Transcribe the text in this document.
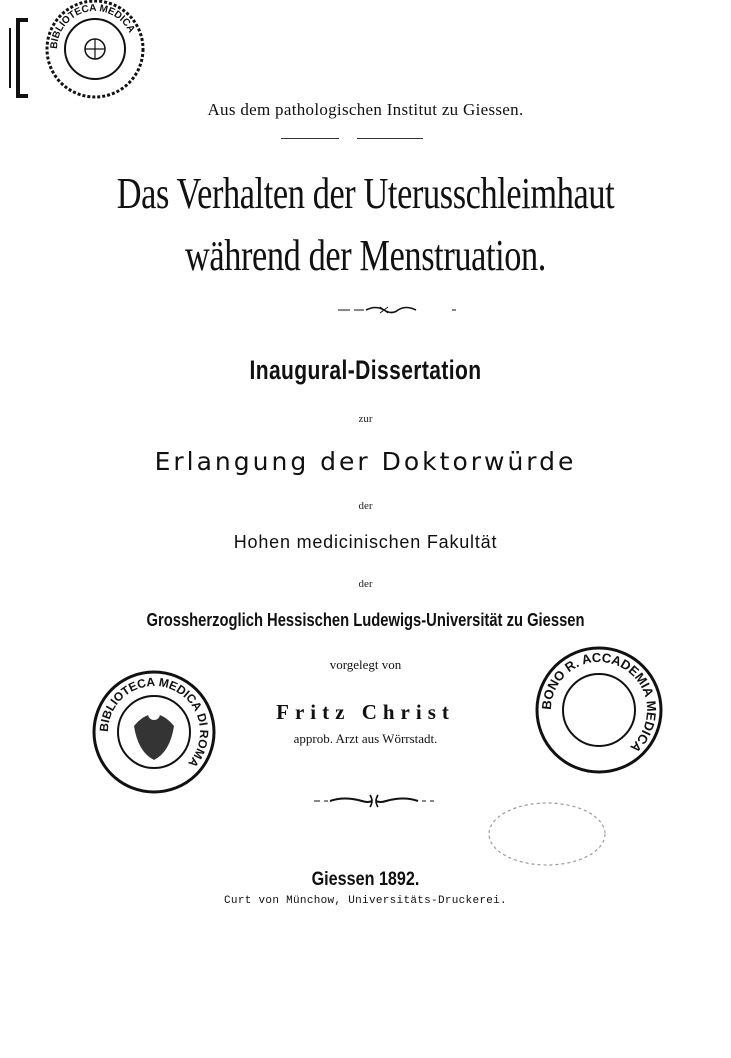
BIBLIOTECA MEDICA
Aus dem pathologischen Institut zu Giessen.
Das Verhalten der Uterusschleimhaut
während der Menstruation.
Inaugural-Dissertation
zur
Erlangung der Doktorwürde
der
Hohen medicinischen Fakultät
der
Grossherzoglich Hessischen Ludewigs-Universität zu Giessen
vorgelegt von
Fritz Christ
approb. Arzt aus Wörrstadt.
BIBLIOTECA MEDICA DI ROMA
BONO R. ACCADEMIA MEDICA
Giessen 1892.
Curt von Münchow, Universitäts-Druckerei.
